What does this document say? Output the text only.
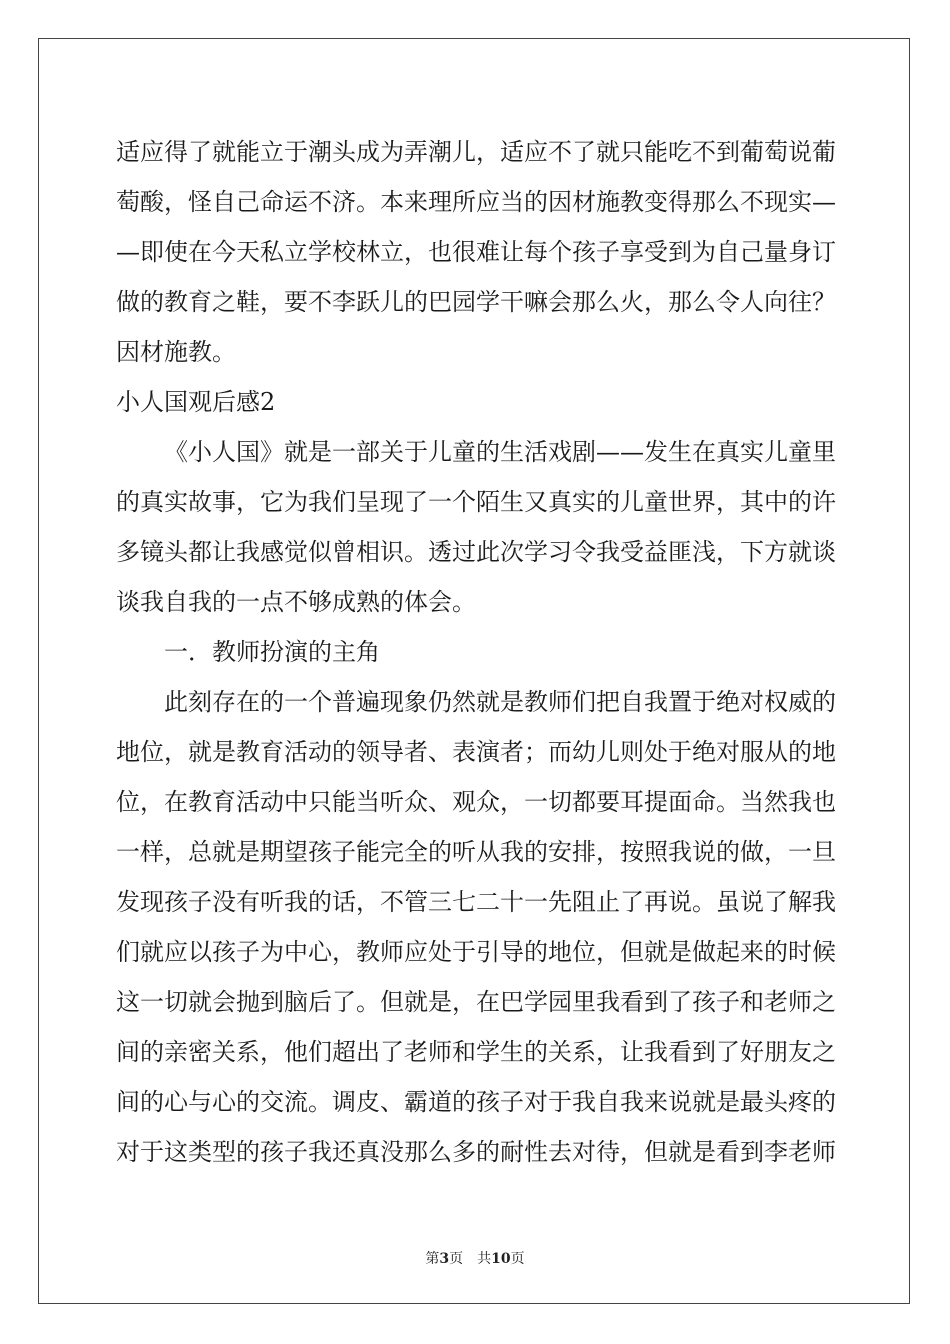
适应得了就能立于潮头成为弄潮儿，适应不了就只能吃不到葡萄说葡
萄酸，怪自己命运不济。本来理所应当的因材施教变得那么不现实—
—即使在今天私立学校林立，也很难让每个孩子享受到为自己量身订
做的教育之鞋，要不李跃儿的巴园学干嘛会那么火，那么令人向往？
因材施教。
小人国观后感2
《小人国》就是一部关于儿童的生活戏剧——发生在真实儿童里
的真实故事，它为我们呈现了一个陌生又真实的儿童世界，其中的许
多镜头都让我感觉似曾相识。透过此次学习令我受益匪浅，下方就谈
谈我自我的一点不够成熟的体会。
一．教师扮演的主角
此刻存在的一个普遍现象仍然就是教师们把自我置于绝对权威的
地位，就是教育活动的领导者、表演者；而幼儿则处于绝对服从的地
位，在教育活动中只能当听众、观众，一切都要耳提面命。当然我也
一样，总就是期望孩子能完全的听从我的安排，按照我说的做，一旦
发现孩子没有听我的话，不管三七二十一先阻止了再说。虽说了解我
们就应以孩子为中心，教师应处于引导的地位，但就是做起来的时候
这一切就会抛到脑后了。但就是，在巴学园里我看到了孩子和老师之
间的亲密关系，他们超出了老师和学生的关系，让我看到了好朋友之
间的心与心的交流。调皮、霸道的孩子对于我自我来说就是最头疼的
对于这类型的孩子我还真没那么多的耐性去对待，但就是看到李老师
第3页 共10页
